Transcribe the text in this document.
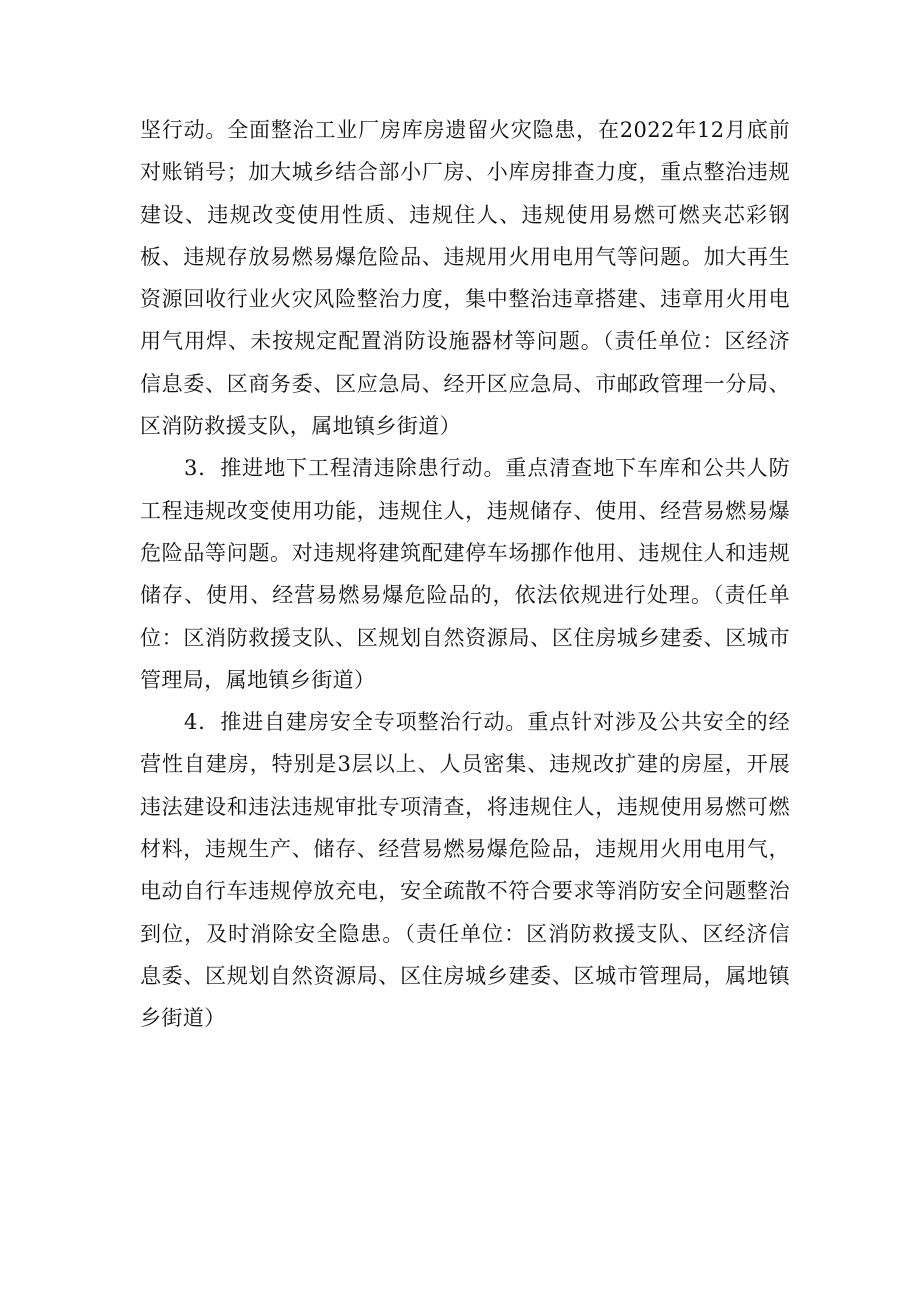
坚行动。全面整治工业厂房库房遗留火灾隐患，在2022年12月底前对账销号；加大城乡结合部小厂房、小库房排查力度，重点整治违规建设、违规改变使用性质、违规住人、违规使用易燃可燃夹芯彩钢板、违规存放易燃易爆危险品、违规用火用电用气等问题。加大再生资源回收行业火灾风险整治力度，集中整治违章搭建、违章用火用电用气用焊、未按规定配置消防设施器材等问题。（责任单位：区经济信息委、区商务委、区应急局、经开区应急局、市邮政管理一分局、区消防救援支队，属地镇乡街道）

3．推进地下工程清违除患行动。重点清查地下车库和公共人防工程违规改变使用功能，违规住人，违规储存、使用、经营易燃易爆危险品等问题。对违规将建筑配建停车场挪作他用、违规住人和违规储存、使用、经营易燃易爆危险品的，依法依规进行处理。（责任单位：区消防救援支队、区规划自然资源局、区住房城乡建委、区城市管理局，属地镇乡街道）

4．推进自建房安全专项整治行动。重点针对涉及公共安全的经营性自建房，特别是3层以上、人员密集、违规改扩建的房屋，开展违法建设和违法违规审批专项清查，将违规住人，违规使用易燃可燃材料，违规生产、储存、经营易燃易爆危险品，违规用火用电用气，电动自行车违规停放充电，安全疏散不符合要求等消防安全问题整治到位，及时消除安全隐患。（责任单位：区消防救援支队、区经济信息委、区规划自然资源局、区住房城乡建委、区城市管理局，属地镇乡街道）
